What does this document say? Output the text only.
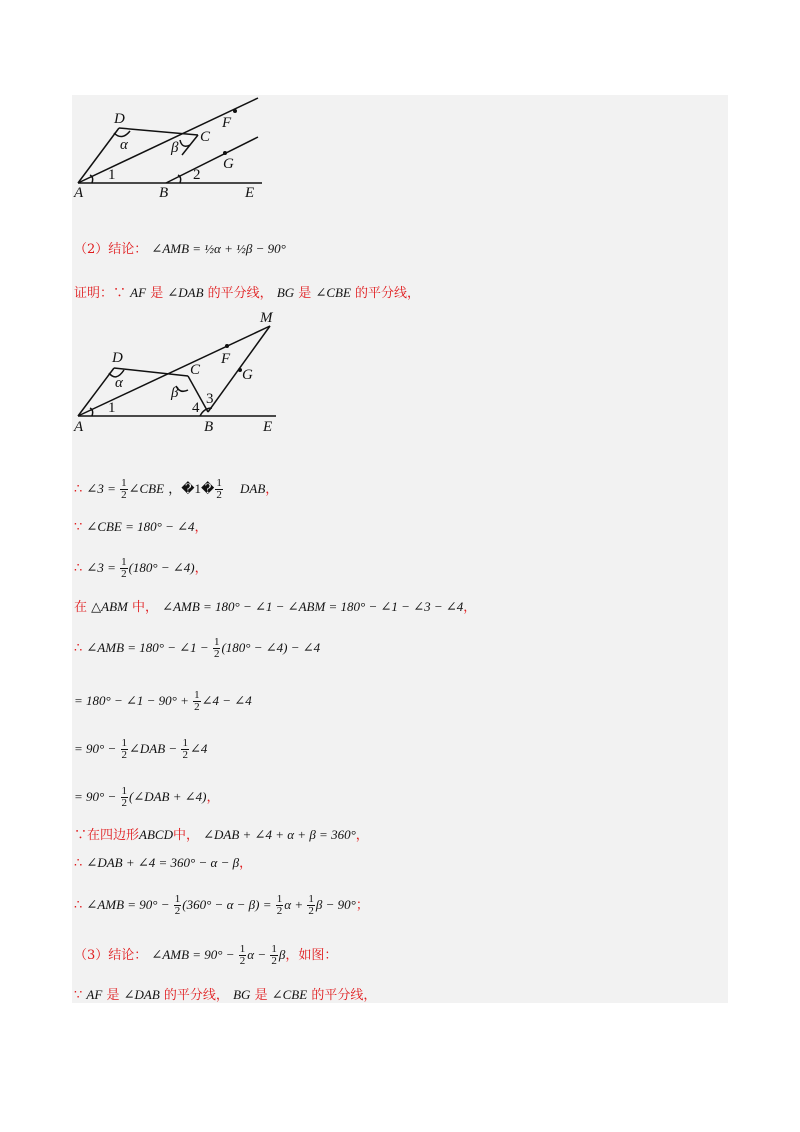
D
C
F
G
A	B	E
α	β
1	2
（2）结论： ∠AMB = ½α + ½β − 90°
证明：∵ AF 是 ∠DAB 的平分线， BG 是 ∠CBE 的平分线，
M
D
C
F
G
A	B	E
α
β
1
3
4
∴ ∠3 = $\frac{1}{2}$ ∠CBE ，�1� $\frac{1}{2}$ DAB，
∵ ∠CBE = 180° − ∠4，
∴ ∠3 = $\frac{1}{2} (180^\circ$ − ∠4)，
在 △ABM 中， ∠AMB = 180° − ∠1 − ∠ABM = 180° − ∠1 − ∠3 − ∠4，
∴ ∠AMB = 180° − ∠1 − $\frac{1}{2} (180^\circ$ − ∠4) − ∠4
= 180° − ∠1 − $90^\circ + \frac{1}{2}$ ∠4 − ∠4
= $90^\circ - \frac{1}{2}$ ∠DAB − $\frac{1}{2}$ ∠4
= $90^\circ - \frac{1}{2}$ (∠DAB + ∠4)，
∵在四边形ABCD中， ∠DAB + ∠4 + α + β = 360°，
∴ ∠DAB + ∠4 = 360° − α − β，
∴ ∠AMB = $90^\circ - \frac{1}{2} (360^\circ - \alpha - \beta) = \frac{1}{2}$ $\alpha + \frac{1}{2}$ β − 90°；
（3）结论： ∠AMB = $90^\circ - \frac{1}{2}$ $\alpha - \frac{1}{2}$ β，如图：
∵ AF 是 ∠DAB 的平分线， BG 是 ∠CBE 的平分线，
